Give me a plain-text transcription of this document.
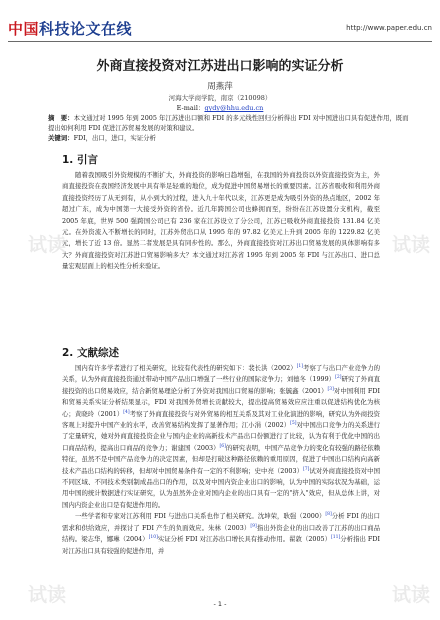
中国科技论文在线	http://www.paper.edu.cn
外商直接投资对江苏进出口影响的实证分析
周燕萍
河海大学商学院，南京（210098）
E-mail：gydy@hhu.edu.cn
摘　要：本文通过对 1995 年到 2005 年江苏进出口额和 FDI 的多元线性回归分析得出 FDI 对中国进出口具有促进作用，既而提出如何利用 FDI 促进江苏贸易发展的对策和建议。
关键词：FDI，出口，进口，实证分析
1. 引言

随着我国吸引外资规模的不断扩大，外商投资的影响日趋增强，在我国的外商投资以外资直接投资为主，外商直接投资在我国经济发展中具有举足轻重的地位，成为促进中国贸易增长的重要因素。江苏省吸收和利用外商直接投资经历了从无到有，从小到大的过程，进入九十年代以来，江苏更是成为吸引外资的热点地区，2002 年超过广东，成为中国第一大接受外资的省份。近几年跨国公司也蜂拥而至，纷纷在江苏设置分支机构，截至 2005 年底，世界 500 强跨国公司已有 236 家在江苏设立了分公司，江苏已吸收外商直接投资 131.84 亿美元。在外资流入不断增长的同时，江苏外贸出口从 1995 年的 97.82 亿美元上升到 2005 年的 1229.82 亿美元，增长了近 13 倍。显然二者发展是具有同步性的。那么，外商直接投资对江苏出口贸易发展的具体影响有多大？外商直接投资对江苏进口贸易影响多大？本文通过对江苏省 1995 年到 2005 年 FDI 与江苏出口、进口总量宏观层面上的相关性分析来验证。

2. 文献综述

国内有许多学者进行了相关研究，比较有代表性的研究如下：裴长洪（2002）[1]考察了与出口产业竞争力的关系，认为外商直接投资通过带动中国产品出口增强了一些行业的国际竞争力；刘德冬（1999）[2]研究了外商直接投资的出口贸易效应，结合新贸易理论分析了外资对我国出口贸易的影响；张毓鑫（2001）[3]对中国利用 FDI 和贸易关系实证分析结果显示，FDI 对我国外贸增长贡献较大，提出提高贸易效应应注重以促进结构优化为核心；黄晓玲（2001）[4]考察了外商直接投资与对外贸易的相互关系及其对工业化演进的影响，研究认为外商投资客观上对提升中国产业的水平，改善贸易结构发挥了显著作用；江小涓（2002）[5]对中国出口竞争力的关系进行了定量研究，她对外商直接投资企业与国内企业的高新技术产品出口份额进行了比较，认为有利于优化中国的出口商品结构，提高出口商品的竞争力；谢建国（2003）[6]的研究表明，中国产品竞争力的变化有较强的路径依赖特征，虽然不是中国产品竞争力的决定因素，但却是打破这种路径依赖的重用原因，促进了中国出口结构向高新技术产品出口结构的转移，但却对中国贸易条件有一定的不利影响；史中亮（2003）[7]试对外商直接投资对中国不同区域、不同技术类别制成品出口的作用，以及对中国内资企业出口的影响，认为中国的实际状况为基础，运用中国的统计数据进行实证研究，认为虽然外企业对国内企业的出口具有一定的"挤入"效应，但从总体上讲，对国内内资企业出口是有促进作用的。

一些学者和专家对江苏利用 FDI 与进出口关系也作了相关研究。沈坤荣，耿强（2000）[8]分析 FDI 的出口需求和供给效应，并探讨了 FDI 产生的负面效应。朱林（2003）[9]指出外资企业的出口改善了江苏的出口商品结构。梁志华，娜琳（2004）[10]实证分析 FDI 对江苏出口增长具有推动作用。翟敦（2005）[11]分析指出 FDI 对江苏出口具有较强的促进作用，并

- 1 -
试读	试读
试读	试读
